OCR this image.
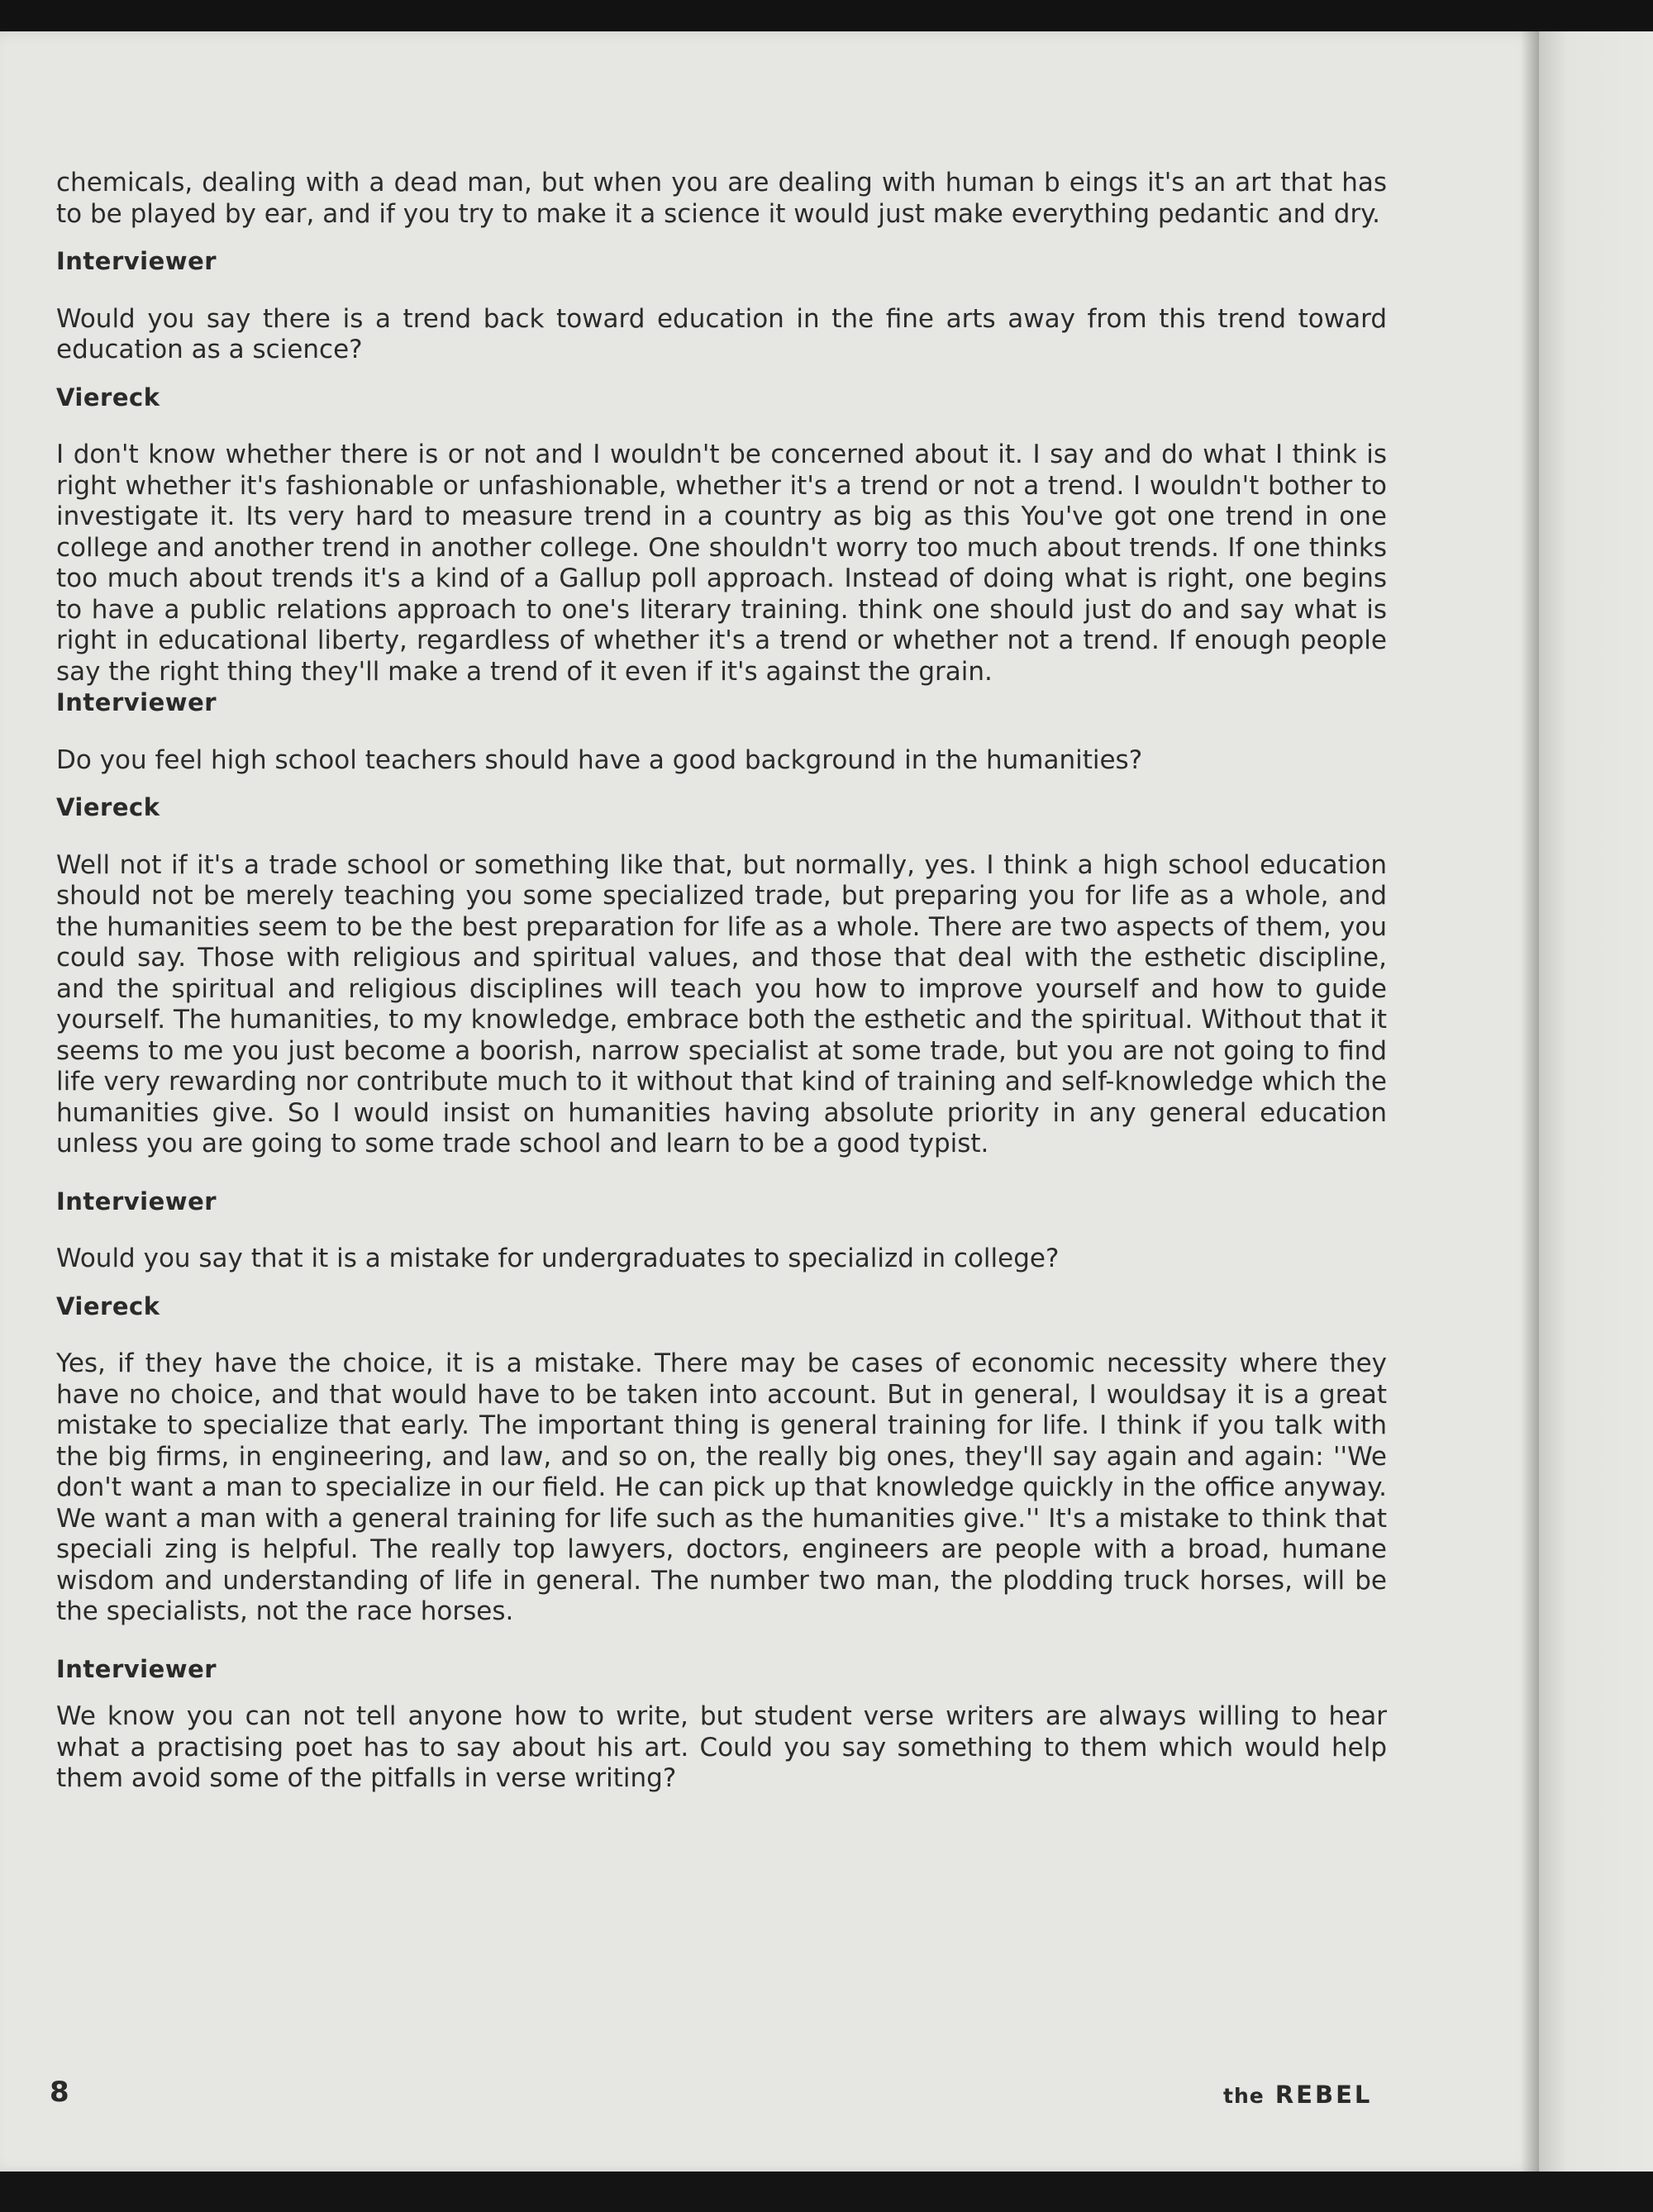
chemicals, dealing with a dead man, but when you are dealing with human b eings it's an art that has to be played by ear, and if you try to make it a science it would just make everything pedantic and dry.

Interviewer

Would you say there is a trend back toward education in the fine arts away from this trend toward education as a science?

Viereck

I don't know whether there is or not and I wouldn't be concerned about it. I say and do what I think is right whether it's fashionable or unfashionable, whether it's a trend or not a trend. I wouldn't bother to investigate it. Its very hard to measure trend in a country as big as this You've got one trend in one college and another trend in another college. One shouldn't worry too much about trends. If one thinks too much about trends it's a kind of a Gallup poll approach. Instead of doing what is right, one begins to have a public relations approach to one's literary training. think one should just do and say what is right in educational liberty, regardless of whether it's a trend or whether not a trend. If enough people say the right thing they'll make a trend of it even if it's against the grain.

Interviewer

Do you feel high school teachers should have a good background in the humanities?

Viereck

Well not if it's a trade school or something like that, but normally, yes. I think a high school education should not be merely teaching you some specialized trade, but preparing you for life as a whole, and the humanities seem to be the best preparation for life as a whole. There are two aspects of them, you could say. Those with religious and spiritual values, and those that deal with the esthetic discipline, and the spiritual and religious disciplines will teach you how to improve yourself and how to guide yourself. The humanities, to my knowledge, embrace both the esthetic and the spiritual. Without that it seems to me you just become a boorish, narrow specialist at some trade, but you are not going to find life very rewarding nor contribute much to it without that kind of training and self-knowledge which the humanities give. So I would insist on humanities having absolute priority in any general education unless you are going to some trade school and learn to be a good typist.

Interviewer

Would you say that it is a mistake for undergraduates to specializd in college?

Viereck

Yes, if they have the choice, it is a mistake. There may be cases of economic necessity where they have no choice, and that would have to be taken into account. But in general, I wouldsay it is a great mistake to specialize that early. The important thing is general training for life. I think if you talk with the big firms, in engineering, and law, and so on, the really big ones, they'll say again and again: ''We don't want a man to specialize in our field. He can pick up that knowledge quickly in the office anyway. We want a man with a general training for life such as the humanities give.'' It's a mistake to think that speciali zing is helpful. The really top lawyers, doctors, engineers are people with a broad, humane wisdom and understanding of life in general. The number two man, the plodding truck horses, will be the specialists, not the race horses.

Interviewer

We know you can not tell anyone how to write, but student verse writers are always willing to hear what a practising poet has to say about his art. Could you say something to them which would help them avoid some of the pitfalls in verse writing?

8	the REBEL
